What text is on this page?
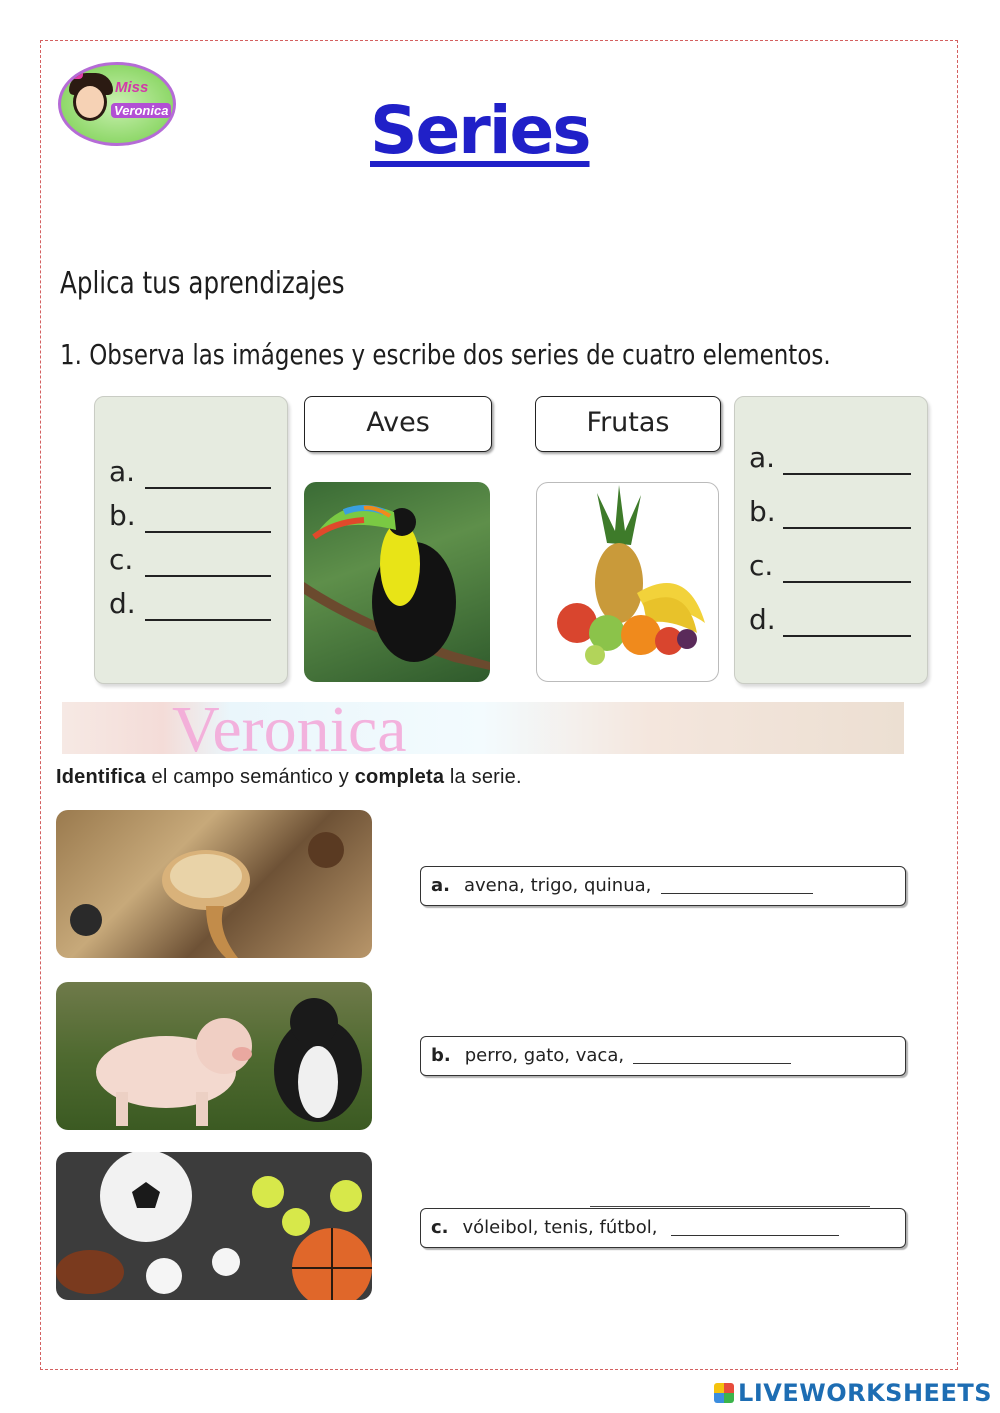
Miss
Veronica	Series
Aplica tus aprendizajes
1. Observa las imágenes y escribe dos series de cuatro elementos.
a.
b.
c.
d.
Aves	Frutas
a.
b.
c.
d.
Veronica
Identifica el campo semántico y completa la serie.
a. avena, trigo, quinua,
b. perro, gato, vaca,
c. vóleibol, tenis, fútbol,
LIVEWORKSHEETS
